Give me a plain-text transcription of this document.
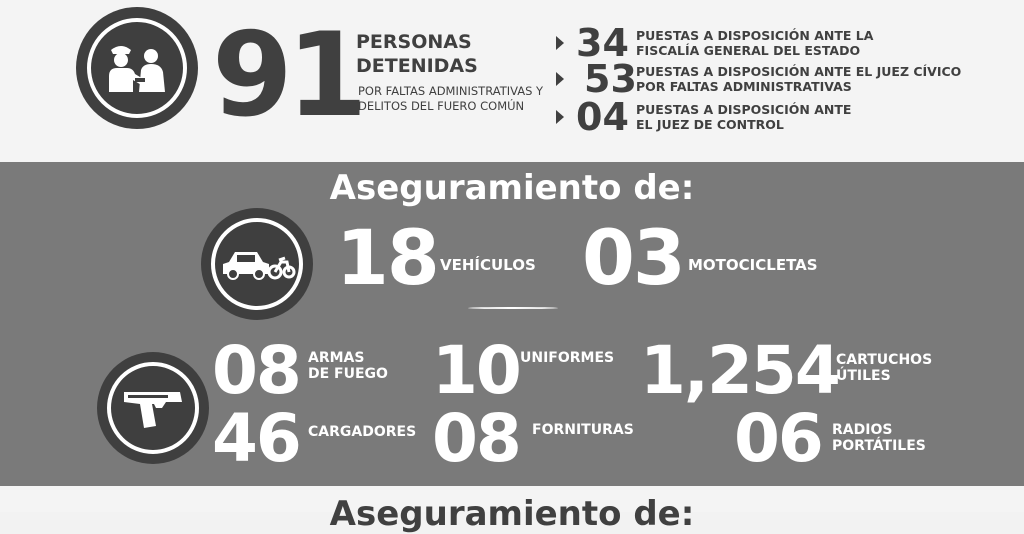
91
PERSONAS
DETENIDAS
POR FALTAS ADMINISTRATIVAS Y
DELITOS DEL FUERO COMÚN
34 PUESTAS A DISPOSICIÓN ANTE LA
FISCALÍA GENERAL DEL ESTADO
53 PUESTAS A DISPOSICIÓN ANTE EL JUEZ CÍVICO
POR FALTAS ADMINISTRATIVAS
04 PUESTAS A DISPOSICIÓN ANTE
EL JUEZ DE CONTROL
Aseguramiento de:
18 VEHÍCULOS 03 MOTOCICLETAS
08 ARMAS
DE FUEGO 10 UNIFORMES 1,254
CARTUCHOS
ÚTILES
46 CARGADORES 08 FORNITURAS 06 RADIOS
PORTÁTILES
Aseguramiento de:
